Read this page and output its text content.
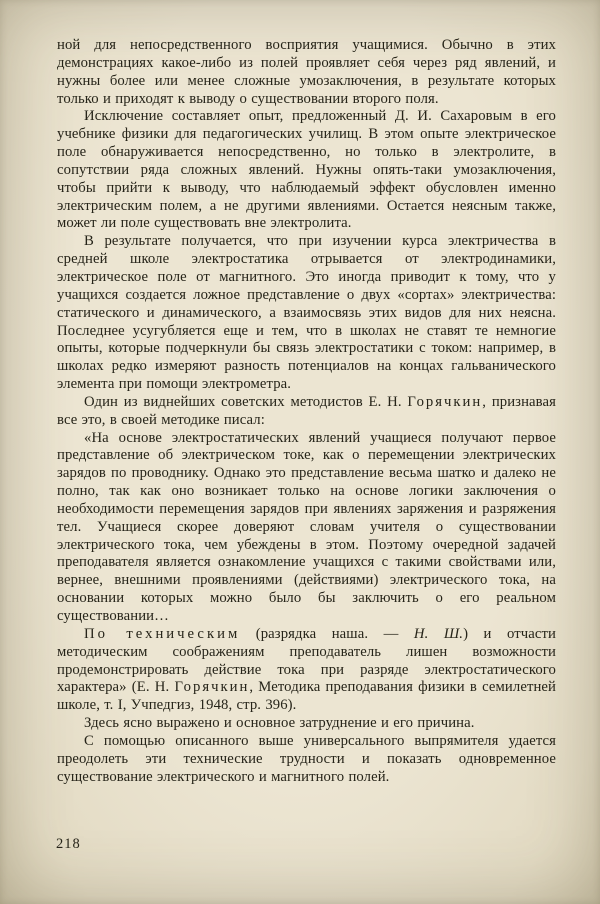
ной для непосредственного восприятия учащимися. Обычно в этих демонстрациях какое-либо из полей проявляет себя через ряд явлений, и нужны более или менее сложные умозаключения, в результате которых только и приходят к выводу о существовании второго поля.

Исключение составляет опыт, предложенный Д. И. Сахаровым в его учебнике физики для педагогических училищ. В этом опыте электрическое поле обнаруживается непосредственно, но только в электролите, в сопутствии ряда сложных явлений. Нужны опять-таки умозаключения, чтобы прийти к выводу, что наблюдаемый эффект обусловлен именно электрическим полем, а не другими явлениями. Остается неясным также, может ли поле существовать вне электролита.

В результате получается, что при изучении курса электричества в средней школе электростатика отрывается от электродинамики, электрическое поле от магнитного. Это иногда приводит к тому, что у учащихся создается ложное представление о двух «сортах» электричества: статического и динамического, а взаимосвязь этих видов для них неясна. Последнее усугубляется еще и тем, что в школах не ставят те немногие опыты, которые подчеркнули бы связь электростатики с током: например, в школах редко измеряют разность потенциалов на концах гальванического элемента при помощи электрометра.

Один из виднейших советских методистов Е. Н. Горячкин, признавая все это, в своей методике писал:

«На основе электростатических явлений учащиеся получают первое представление об электрическом токе, как о перемещении электрических зарядов по проводнику. Однако это представление весьма шатко и далеко не полно, так как оно возникает только на основе логики заключения о необходимости перемещения зарядов при явлениях заряжения и разряжения тел. Учащиеся скорее доверяют словам учителя о существовании электрического тока, чем убеждены в этом. Поэтому очередной задачей преподавателя является ознакомление учащихся с такими свойствами или, вернее, внешними проявлениями (действиями) электрического тока, на основании которых можно было бы заключить о его реальном существовании…

По техническим (разрядка наша. — Н. Ш.) и отчасти методическим соображениям преподаватель лишен возможности продемонстрировать действие тока при разряде электростатического характера» (Е. Н. Горячкин, Методика преподавания физики в семилетней школе, т. I, Учпедгиз, 1948, стр. 396).

Здесь ясно выражено и основное затруднение и его причина.

С помощью описанного выше универсального выпрямителя удается преодолеть эти технические трудности и показать одновременное существование электрического и магнитного полей.

218
